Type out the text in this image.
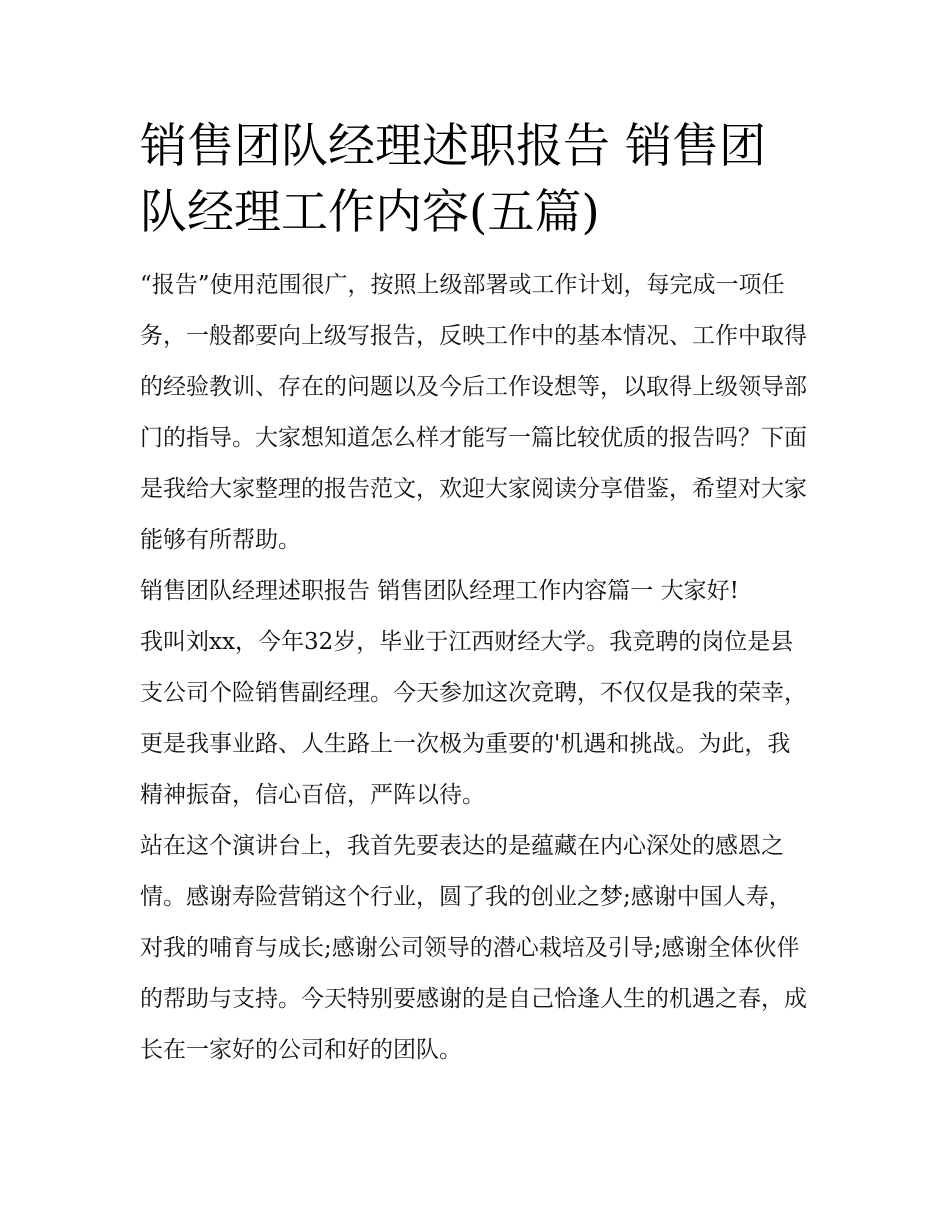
销售团队经理述职报告 销售团队经理工作内容(五篇)

“报告”使用范围很广，按照上级部署或工作计划，每完成一项任务，一般都要向上级写报告，反映工作中的基本情况、工作中取得的经验教训、存在的问题以及今后工作设想等，以取得上级领导部门的指导。大家想知道怎么样才能写一篇比较优质的报告吗？下面是我给大家整理的报告范文，欢迎大家阅读分享借鉴，希望对大家能够有所帮助。

销售团队经理述职报告 销售团队经理工作内容篇一 大家好!

我叫刘xx，今年32岁，毕业于江西财经大学。我竞聘的岗位是县支公司个险销售副经理。今天参加这次竞聘，不仅仅是我的荣幸，更是我事业路、人生路上一次极为重要的'机遇和挑战。为此，我精神振奋，信心百倍，严阵以待。

站在这个演讲台上，我首先要表达的是蕴藏在内心深处的感恩之情。感谢寿险营销这个行业，圆了我的创业之梦;感谢中国人寿，对我的哺育与成长;感谢公司领导的潜心栽培及引导;感谢全体伙伴的帮助与支持。今天特别要感谢的是自己恰逢人生的机遇之春，成长在一家好的公司和好的团队。
